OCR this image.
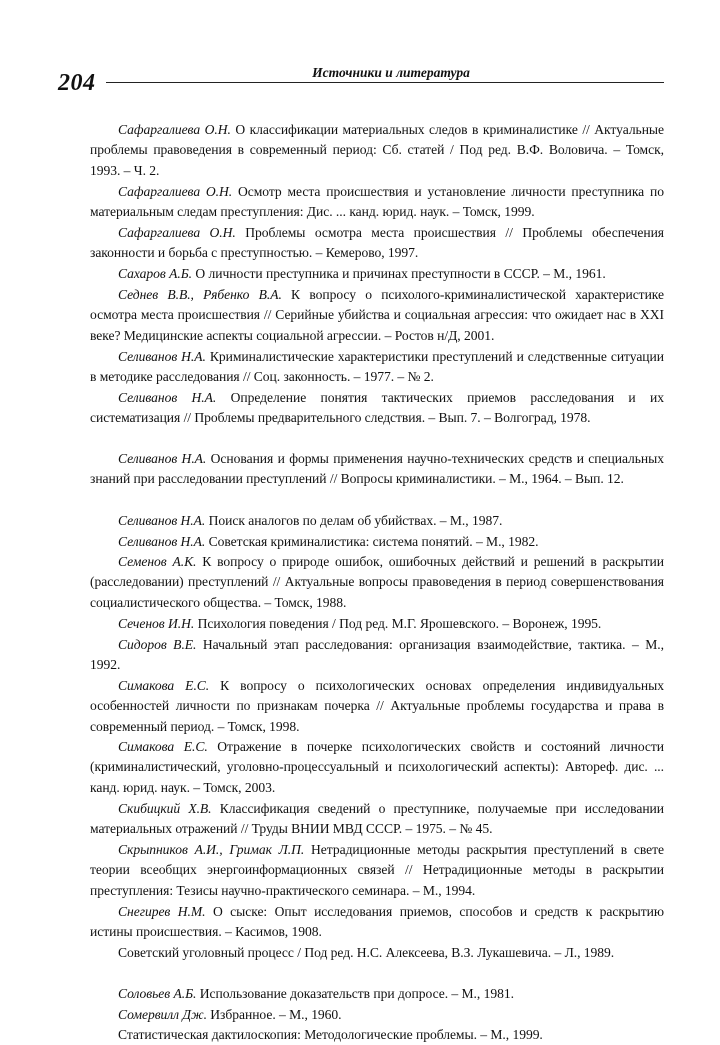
204	Источники и литература

Сафаргалиева О.Н. О классификации материальных следов в криминалистике // Актуальные проблемы правоведения в современный период: Сб. статей / Под ред. В.Ф. Воловича. – Томск, 1993. – Ч. 2.

Сафаргалиева О.Н. Осмотр места происшествия и установление личности преступника по материальным следам преступления: Дис. ... канд. юрид. наук. – Томск, 1999.

Сафаргалиева О.Н. Проблемы осмотра места происшествия // Проблемы обеспечения законности и борьба с преступностью. – Кемерово, 1997.

Сахаров А.Б. О личности преступника и причинах преступности в СССР. – М., 1961.

Седнев В.В., Рябенко В.А. К вопросу о психолого-криминалистической характеристике осмотра места происшествия // Серийные убийства и социальная агрессия: что ожидает нас в XXI веке? Медицинские аспекты социальной агрессии. – Ростов н/Д, 2001.

Селиванов Н.А. Криминалистические характеристики преступлений и следственные ситуации в методике расследования // Соц. законность. – 1977. – № 2.

Селиванов Н.А. Определение понятия тактических приемов расследования и их систематизация // Проблемы предварительного следствия. – Вып. 7. – Волгоград, 1978.

Селиванов Н.А. Основания и формы применения научно-технических средств и специальных знаний при расследовании преступлений // Вопросы криминалистики. – М., 1964. – Вып. 12.

Селиванов Н.А. Поиск аналогов по делам об убийствах. – М., 1987.

Селиванов Н.А. Советская криминалистика: система понятий. – М., 1982.

Семенов А.К. К вопросу о природе ошибок, ошибочных действий и решений в раскрытии (расследовании) преступлений // Актуальные вопросы правоведения в период совершенствования социалистического общества. – Томск, 1988.

Сеченов И.Н. Психология поведения / Под ред. М.Г. Ярошевского. – Воронеж, 1995.

Сидоров В.Е. Начальный этап расследования: организация взаимодействие, тактика. – М., 1992.

Симакова Е.С. К вопросу о психологических основах определения индивидуальных особенностей личности по признакам почерка // Актуальные проблемы государства и права в современный период. – Томск, 1998.

Симакова Е.С. Отражение в почерке психологических свойств и состояний личности (криминалистический, уголовно-процессуальный и психологический аспекты): Автореф. дис. ... канд. юрид. наук. – Томск, 2003.

Скибицкий Х.В. Классификация сведений о преступнике, получаемые при исследовании материальных отражений // Труды ВНИИ МВД СССР. – 1975. – № 45.

Скрыпников А.И., Гримак Л.П. Нетрадиционные методы раскрытия преступлений в свете теории всеобщих энергоинформационных связей // Нетрадиционные методы в раскрытии преступления: Тезисы научно-практического семинара. – М., 1994.

Снегирев Н.М. О сыске: Опыт исследования приемов, способов и средств к раскрытию истины происшествия. – Касимов, 1908.

Советский уголовный процесс / Под ред. Н.С. Алексеева, В.З. Лукашевича. – Л., 1989.

Соловьев А.Б. Использование доказательств при допросе. – М., 1981.

Сомервилл Дж. Избранное. – М., 1960.

Статистическая дактилоскопия: Методологические проблемы. – М., 1999.
